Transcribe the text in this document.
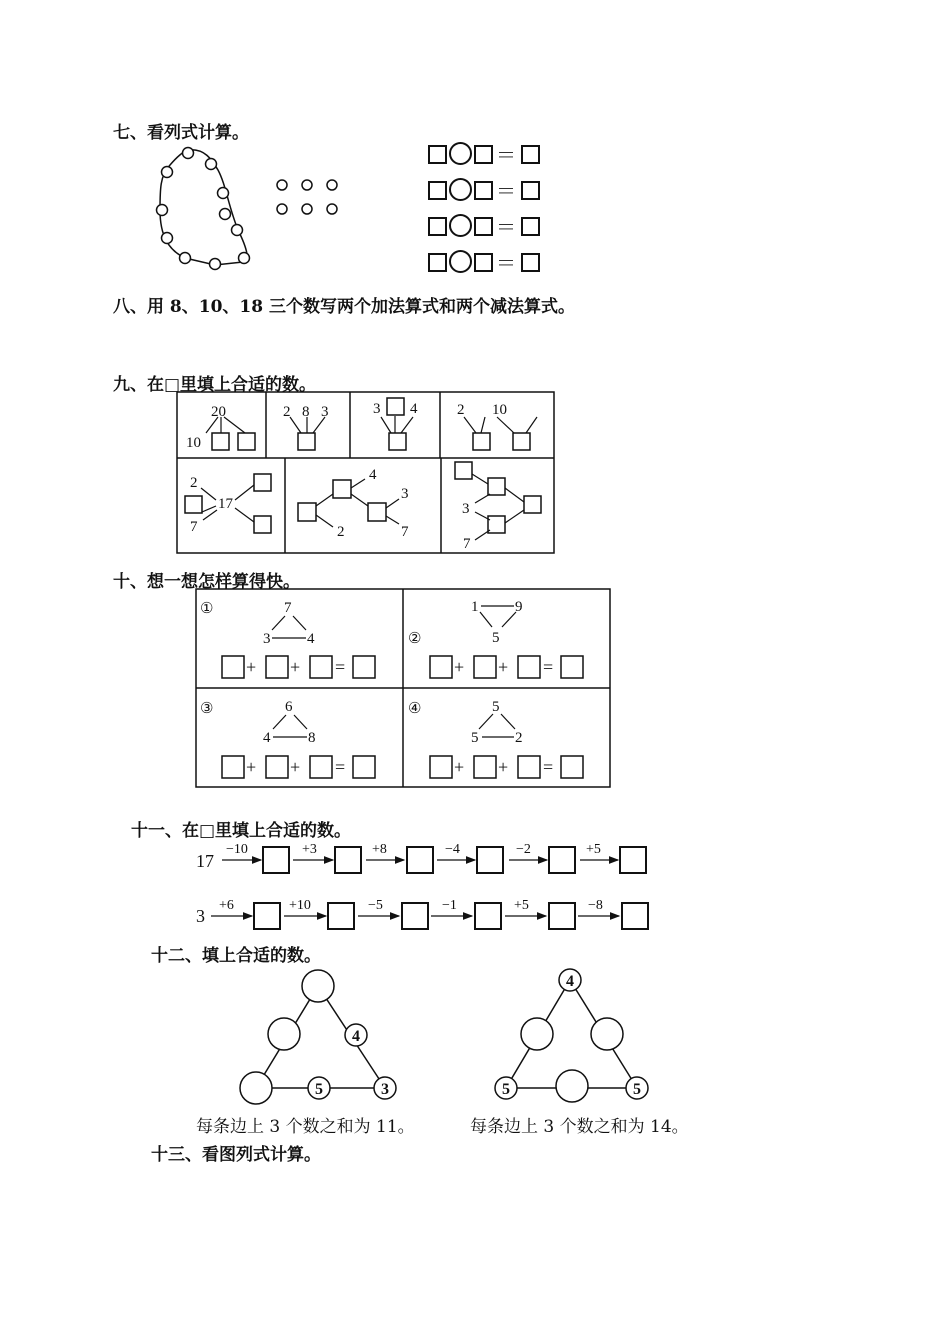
七、看列式计算。
＝
＝
＝
＝
八、用 8、10、18 三个数写两个加法算式和两个减法算式。
九、在□里填上合适的数。
20
10
2 8 3	3 4	2 10
2
17
7
4
3
2	7
3
7
十、想一想怎样算得快。
①	7
3 4
+ + =
②
1 9
5
+ + =
③	6
4	8
+ + =
④	5
5 2
+ + =
十一、在□里填上合适的数。
17
−10	+3	+8	−4	−2	+5
3
+6	+10	−5	−1	+5	−8
十二、填上合适的数。
4
5	3
4
5	5
每条边上 3 个数之和为 11。	每条边上 3 个数之和为 14。
十三、看图列式计算。
